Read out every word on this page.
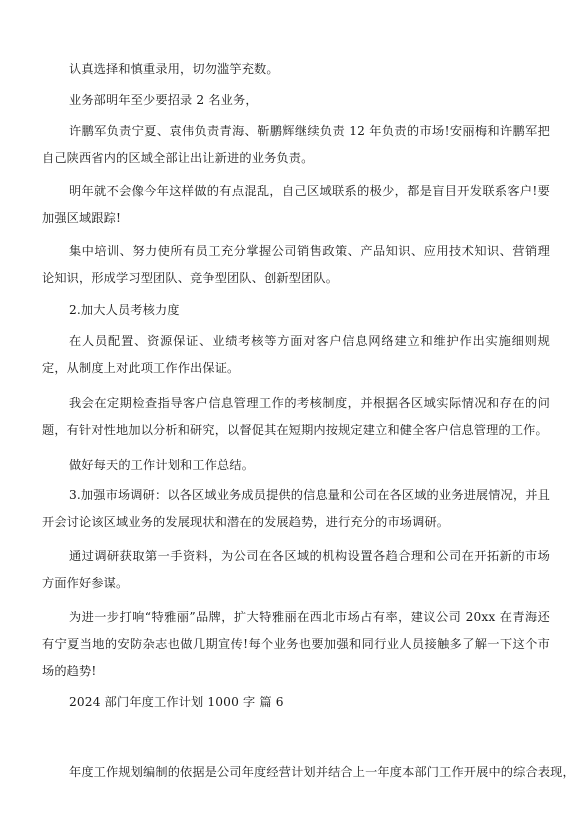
认真选择和慎重录用，切勿滥竽充数。

业务部明年至少要招录 2 名业务，

许鹏军负责宁夏、袁伟负责青海、靳鹏辉继续负责 12 年负责的市场!安丽梅和许鹏军把自己陕西省内的区域全部让出让新进的业务负责。

明年就不会像今年这样做的有点混乱，自己区域联系的极少，都是盲目开发联系客户!要加强区域跟踪!

集中培训、努力使所有员工充分掌握公司销售政策、产品知识、应用技术知识、营销理论知识，形成学习型团队、竞争型团队、创新型团队。

2.加大人员考核力度

在人员配置、资源保证、业绩考核等方面对客户信息网络建立和维护作出实施细则规定，从制度上对此项工作作出保证。

我会在定期检查指导客户信息管理工作的考核制度，并根据各区域实际情况和存在的问题，有针对性地加以分析和研究，以督促其在短期内按规定建立和健全客户信息管理的工作。

做好每天的工作计划和工作总结。

3.加强市场调研：以各区域业务成员提供的信息量和公司在各区域的业务进展情况，并且开会讨论该区域业务的发展现状和潜在的发展趋势，进行充分的市场调研。

通过调研获取第一手资料，为公司在各区域的机构设置各趋合理和公司在开拓新的市场方面作好参谋。

为进一步打响“特雅丽”品牌，扩大特雅丽在西北市场占有率，建议公司 20xx 在青海还有宁夏当地的安防杂志也做几期宣传!每个业务也要加强和同行业人员接触多了解一下这个市场的趋势!

2024 部门年度工作计划 1000 字 篇 6

年度工作规划编制的依据是公司年度经营计划并结合上一年度本部门工作开展中的综合表现，
